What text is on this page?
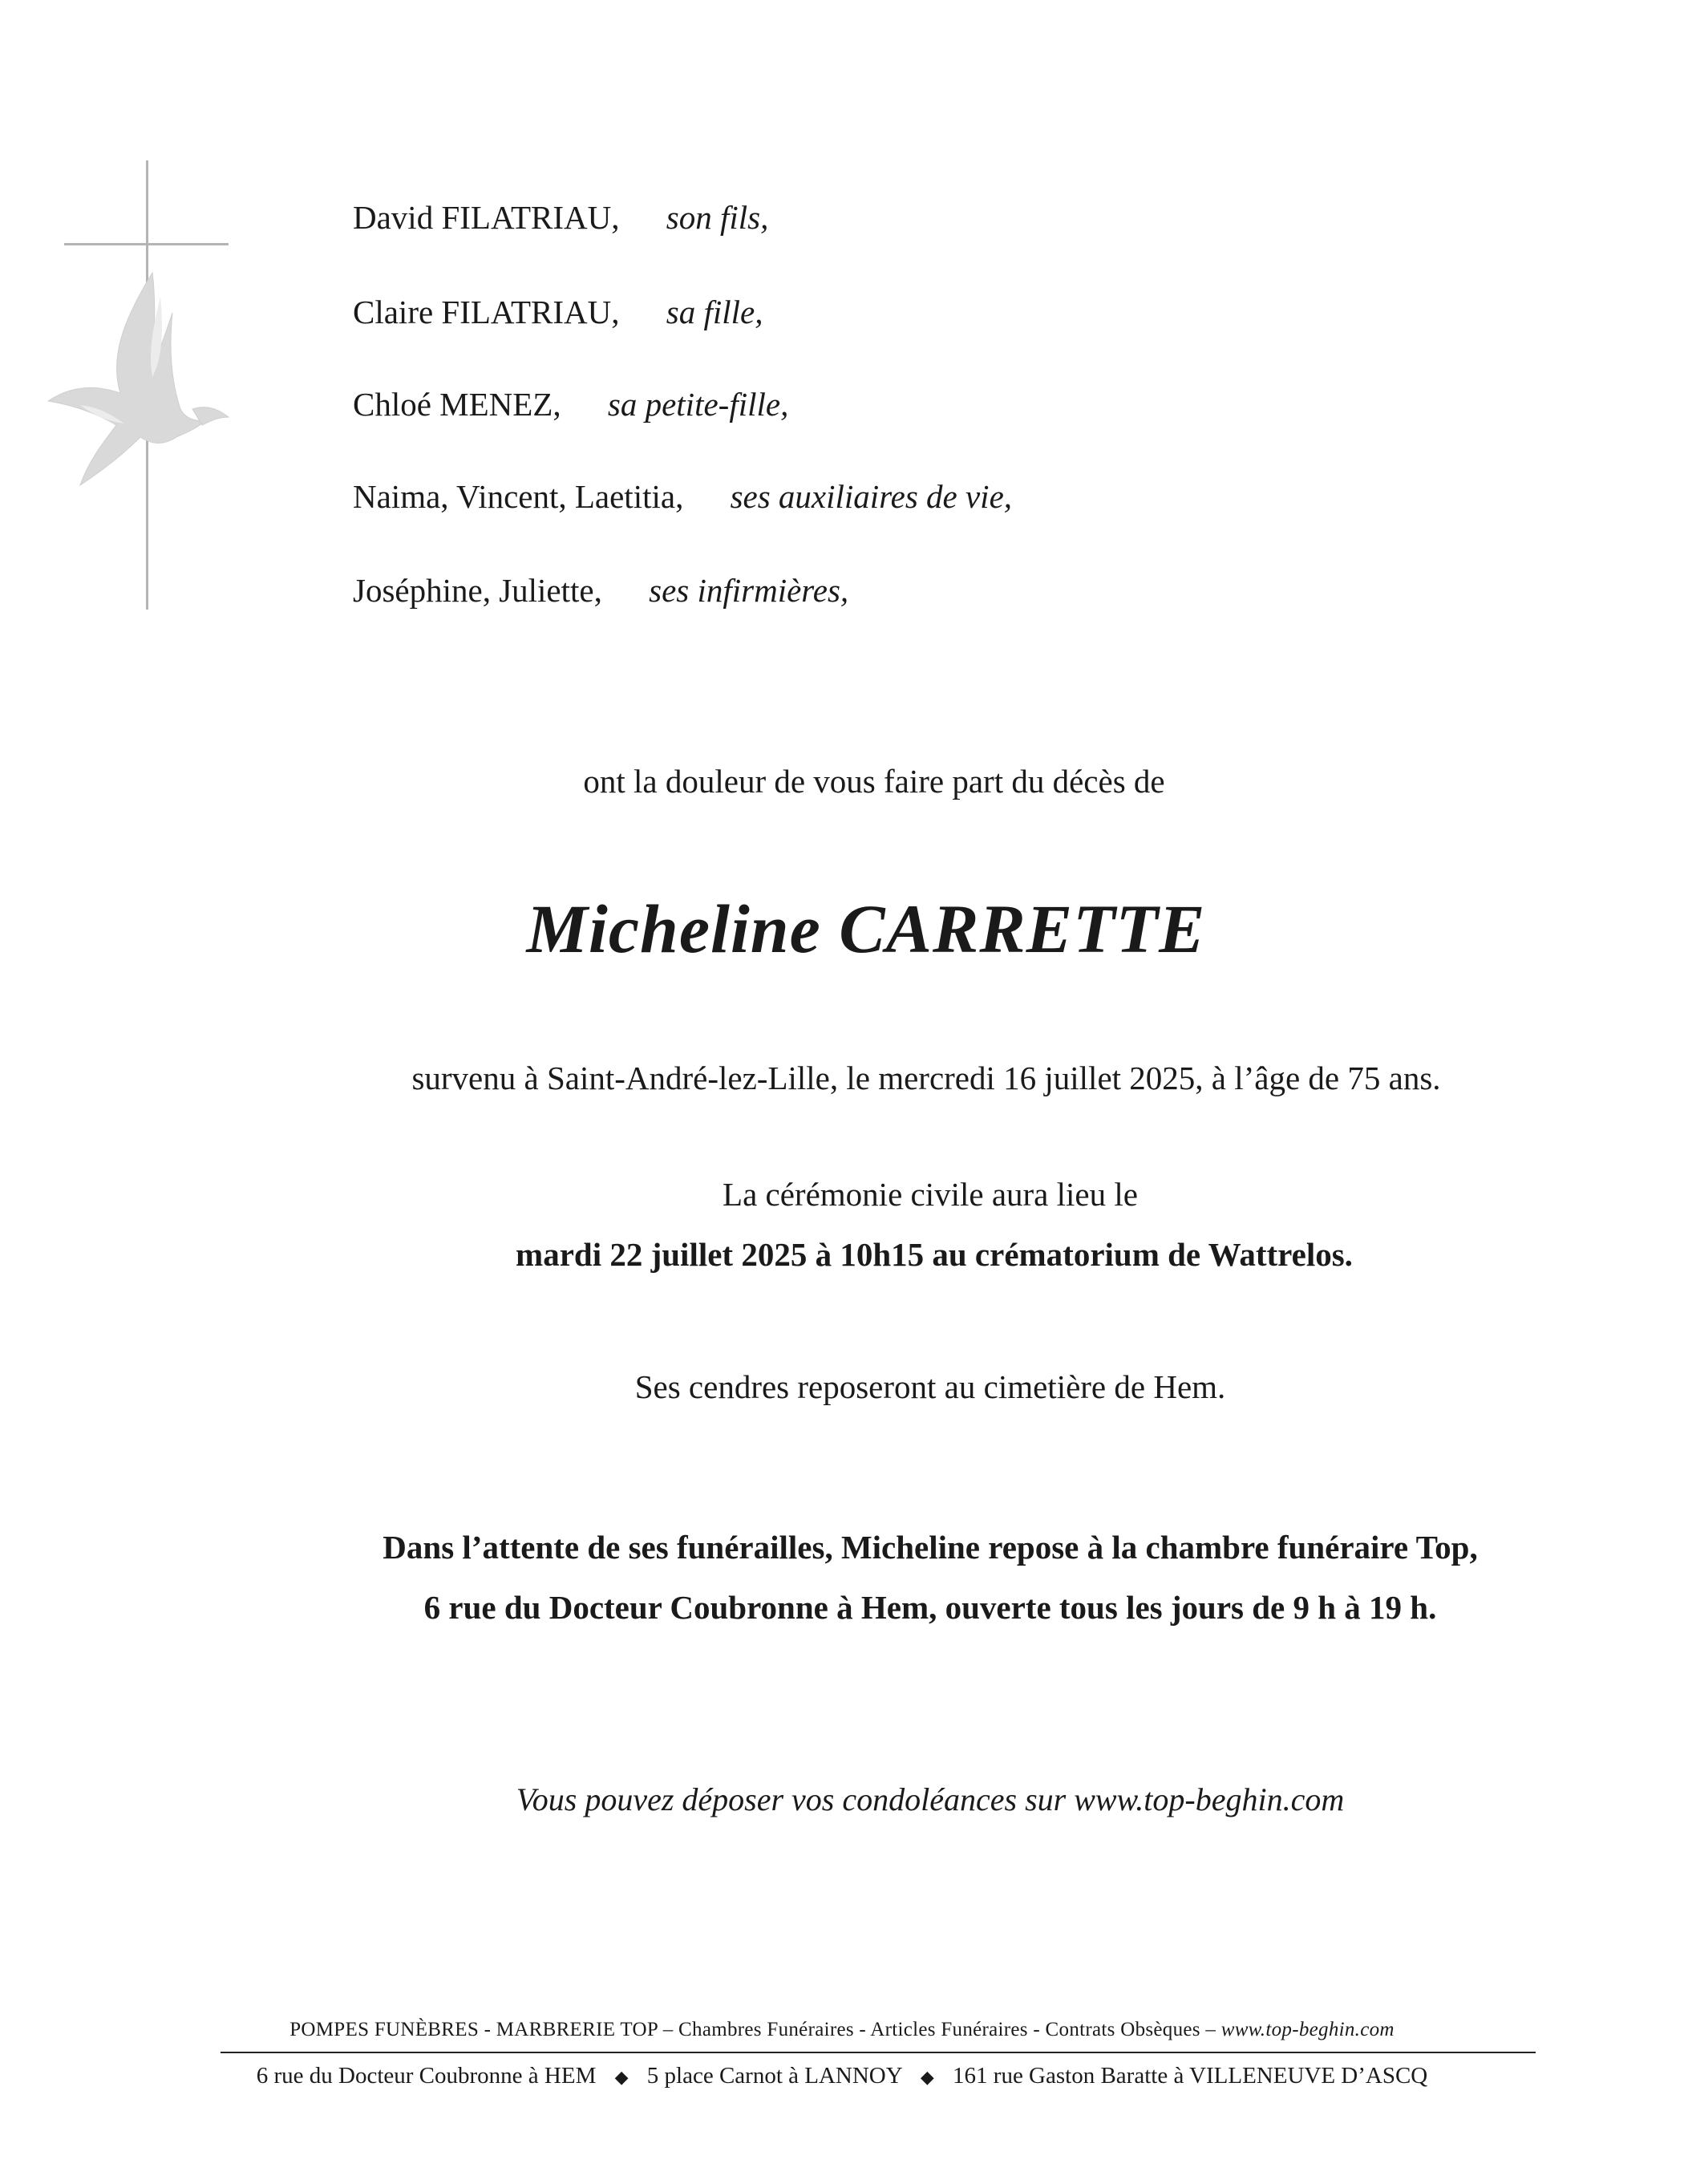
David FILATRIAU, son fils,
Claire FILATRIAU, sa fille,
Chloé MENEZ, sa petite-fille,
Naima, Vincent, Laetitia, ses auxiliaires de vie,
Joséphine, Juliette, ses infirmières,
ont la douleur de vous faire part du décès de
Micheline CARRETTE
survenu à Saint-André-lez-Lille, le mercredi 16 juillet 2025, à l’âge de 75 ans.
La cérémonie civile aura lieu le
mardi 22 juillet 2025 à 10h15 au crématorium de Wattrelos.
Ses cendres reposeront au cimetière de Hem.
Dans l’attente de ses funérailles, Micheline repose à la chambre funéraire Top,
6 rue du Docteur Coubronne à Hem, ouverte tous les jours de 9 h à 19 h.
Vous pouvez déposer vos condoléances sur www.top-beghin.com
POMPES FUNÈBRES - MARBRERIE TOP – Chambres Funéraires - Articles Funéraires - Contrats Obsèques – www.top-beghin.com
6 rue du Docteur Coubronne à HEM ◆ 5 place Carnot à LANNOY ◆ 161 rue Gaston Baratte à VILLENEUVE D’ASCQ
